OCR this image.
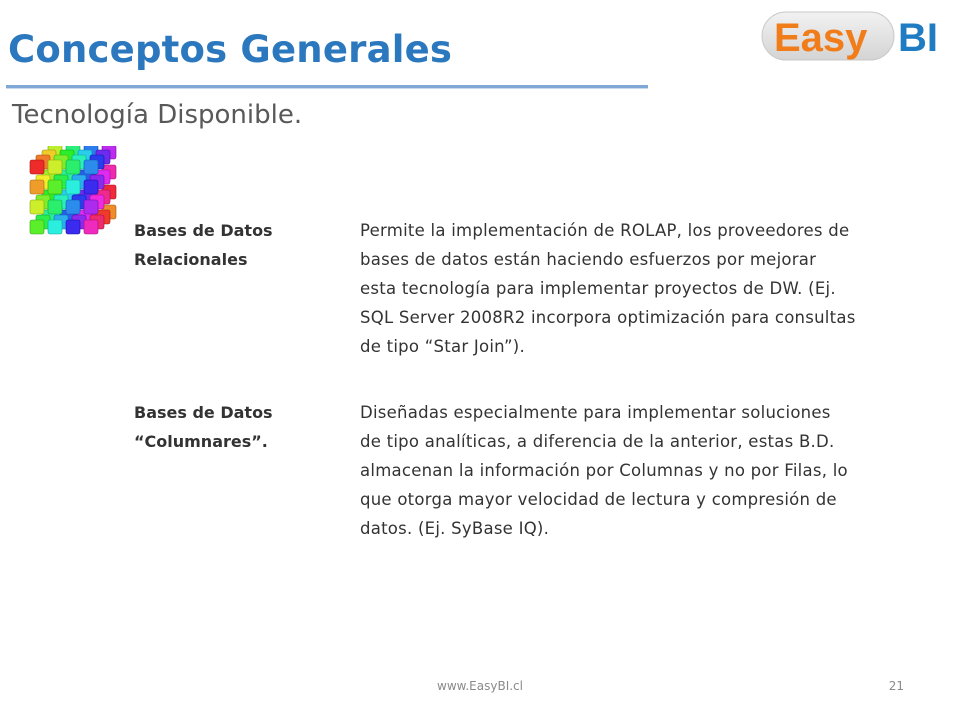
Conceptos Generales
Tecnología Disponible.
Easy BI
Bases de Datos
Relacionales
Permite la implementación de ROLAP, los proveedores de
bases de datos están haciendo esfuerzos por mejorar
esta tecnología para implementar proyectos de DW. (Ej.
SQL Server 2008R2 incorpora optimización para consultas
de tipo “Star Join”).
Bases de Datos
“Columnares”.
Diseñadas especialmente para implementar soluciones
de tipo analíticas, a diferencia de la anterior, estas B.D.
almacenan la información por Columnas y no por Filas, lo
que otorga mayor velocidad de lectura y compresión de
datos. (Ej. SyBase IQ).
www.EasyBI.cl	21
